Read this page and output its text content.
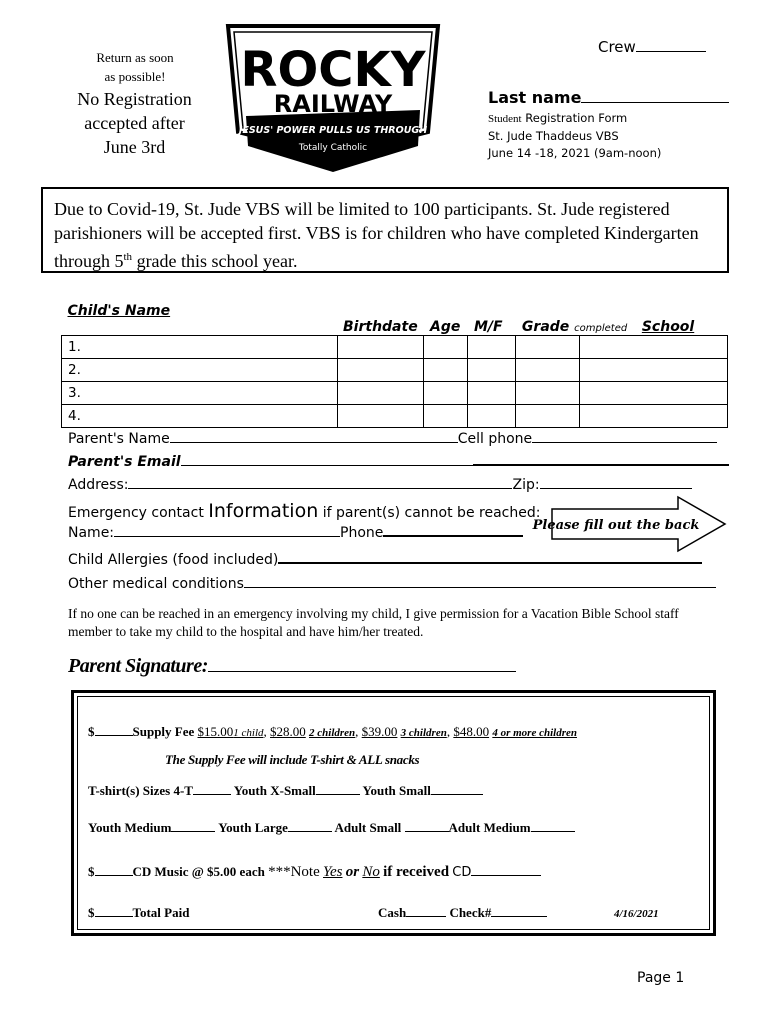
Return as soon
as possible!
No Registration
accepted after
June 3rd
ROCKY
RAILWAY
JESUS' POWER PULLS US THROUGH
Totally Catholic
Crew
Last name
Student Registration Form
St. Jude Thaddeus VBS
June 14 -18, 2021 (9am-noon)
Due to Covid-19, St. Jude VBS will be limited to 100 participants. St. Jude registered parishioners will be accepted first. VBS is for children who have completed Kindergarten through 5th grade this school year.
Child's Name	Birthdate	Age	M/F	Grade completed School	
1.					
2.					
3.					
4.					
Parent's Name	Cell phone
Parent's Email
Address:	Zip:
Emergency contact Information if parent(s) cannot be reached:
Name:	Phone	Please fill out the back
Child Allergies (food included)
Other medical conditions
If no one can be reached in an emergency involving my child, I give permission for a Vacation Bible School staff member to take my child to the hospital and have him/her treated.
Parent Signature:
$	Supply Fee $15.001 child, $28.00 2 children, $39.00 3 children, $48.00 4 or more children
The Supply Fee will include T-shirt & ALL snacks
T-shirt(s) Sizes 4-T	Youth X-Small	Youth Small
Youth Medium	Youth Large	Adult Small	Adult Medium
$	CD Music @ $5.00 each ***Note Yes or No if received CD
$	Total Paid	Cash	Check#	4/16/2021
Page 1
